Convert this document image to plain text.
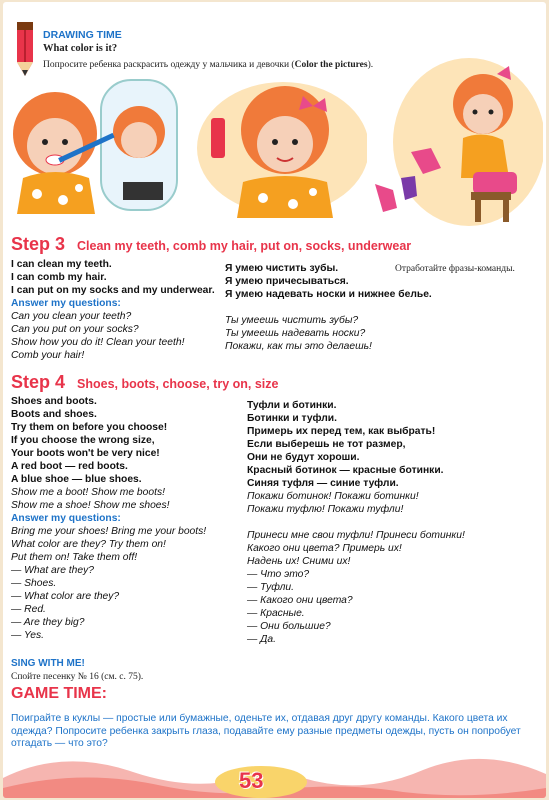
DRAWING TIME
What color is it?
Попросите ребенка раскрасить одежду у мальчика и девочки (Color the pictures).
Step 3 Clean my teeth, comb my hair, put on, socks, underwear
I can clean my teeth.
I can comb my hair.
I can put on my socks and my underwear.
Answer my questions:
Can you clean your teeth?
Can you put on your socks?
Show how you do it! Clean your teeth!
Comb your hair!
Я умею чистить зубы.
Я умею причесываться.
Я умею надевать носки и нижнее белье.
Ты умеешь чистить зубы?
Ты умеешь надевать носки?
Покажи, как ты это делаешь!
Отработайте фразы-команды.
Step 4 Shoes, boots, choose, try on, size
Shoes and boots.
Boots and shoes.
Try them on before you choose!
If you choose the wrong size,
Your boots won't be very nice!
A red boot — red boots.
A blue shoe — blue shoes.
Show me a boot! Show me boots!
Show me a shoe! Show me shoes!
Answer my questions:
Bring me your shoes! Bring me your boots!
What color are they? Try them on!
Put them on! Take them off!
— What are they?
— Shoes.
— What color are they?
— Red.
— Are they big?
— Yes.
Туфли и ботинки.
Ботинки и туфли.
Примерь их перед тем, как выбрать!
Если выберешь не тот размер,
Они не будут хороши.
Красный ботинок — красные ботинки.
Синяя туфля — синие туфли.
Покажи ботинок! Покажи ботинки!
Покажи туфлю! Покажи туфли!
Принеси мне свои туфли! Принеси ботинки!
Какого они цвета? Примерь их!
Надень их! Сними их!
— Что это?
— Туфли.
— Какого они цвета?
— Красные.
— Они большие?
— Да.
SING WITH ME!
Спойте песенку № 16 (см. с. 75).
GAME TIME:
Поиграйте в куклы — простые или бумажные, оденьте их, отдавая друг другу команды. Какого цвета их одежда? Попросите ребенка закрыть глаза, подавайте ему разные предметы одежды, пусть он попробует отгадать — что это?
53
